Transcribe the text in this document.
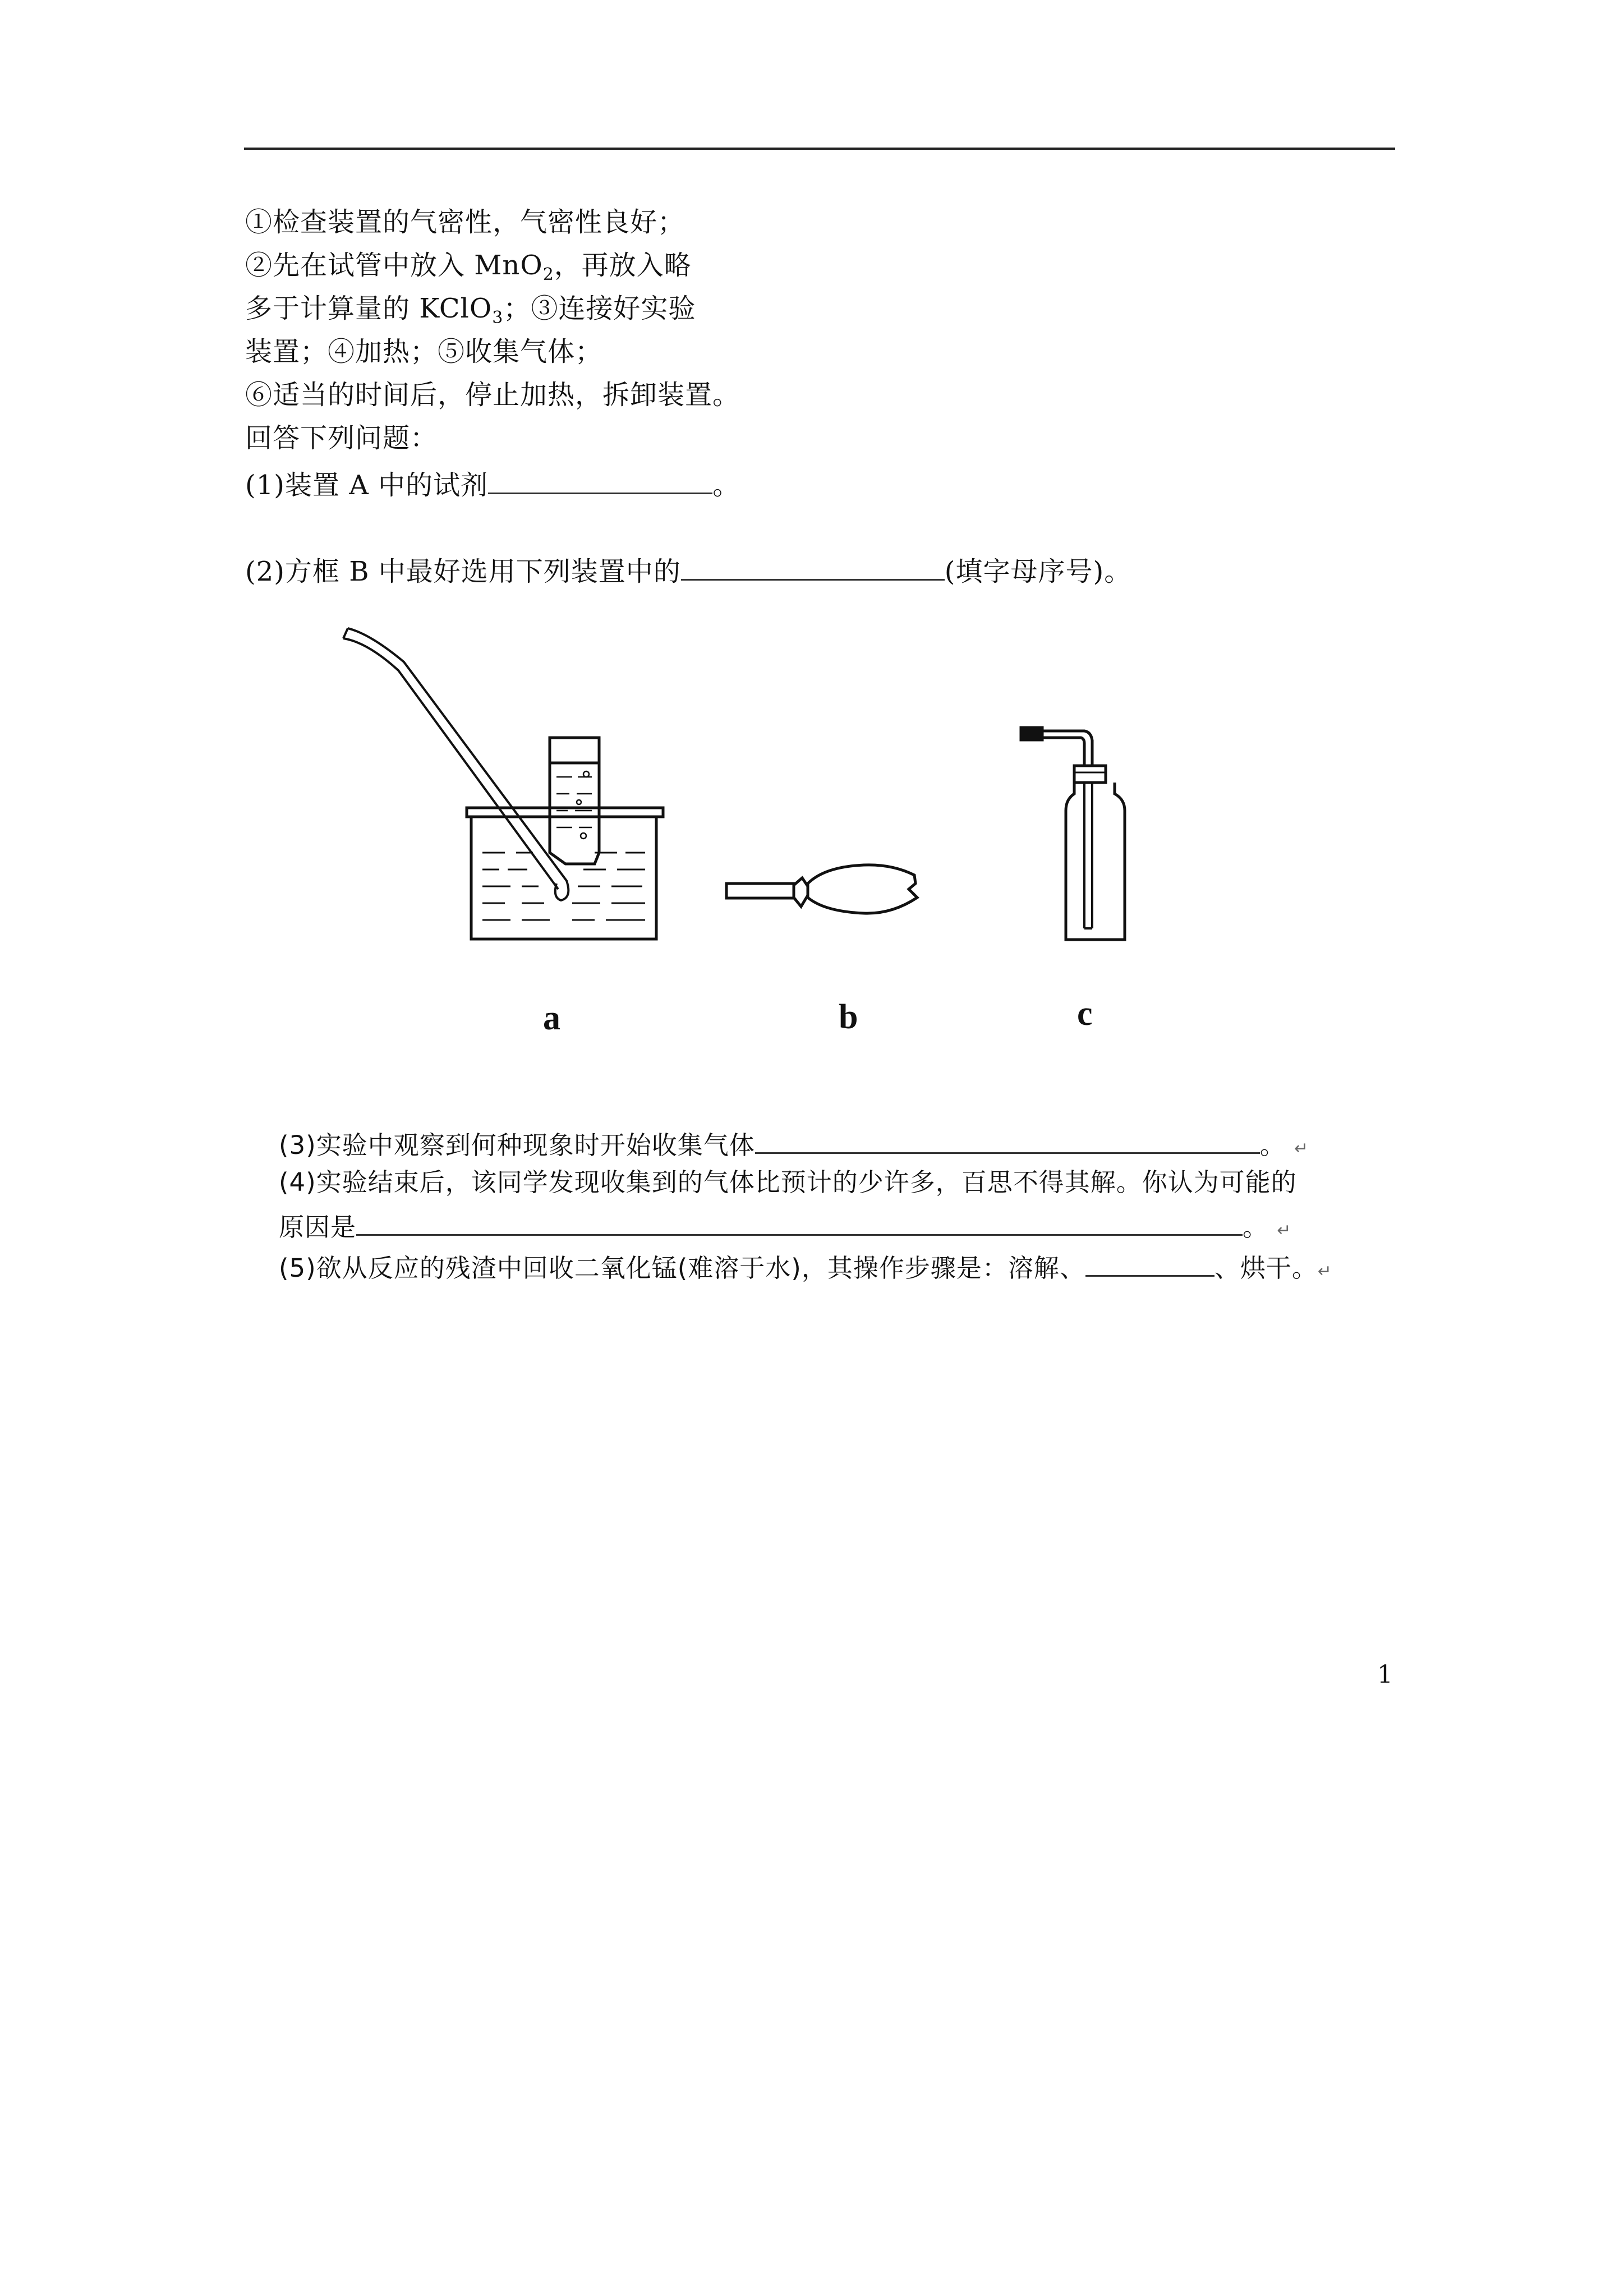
①检查装置的气密性，气密性良好；

②先在试管中放入 MnO$_2$，再放入略

多于计算量的 KClO$_3$；③连接好实验

装置；④加热；⑤收集气体；

⑥适当的时间后，停止加热，拆卸装置。

回答下列问题：

(1)装置 A 中的试剂	。

(2)方框 B 中最好选用下列装置中的	(填字母序号)。

a	b	c

(3)实验中观察到何种现象时开始收集气体	。 ↵

(4)实验结束后，该同学发现收集到的气体比预计的少许多，百思不得其解。你认为可能的

原因是	。 ↵

(5)欲从反应的残渣中回收二氧化锰(难溶于水)，其操作步骤是：溶解、	、烘干。↵

1
